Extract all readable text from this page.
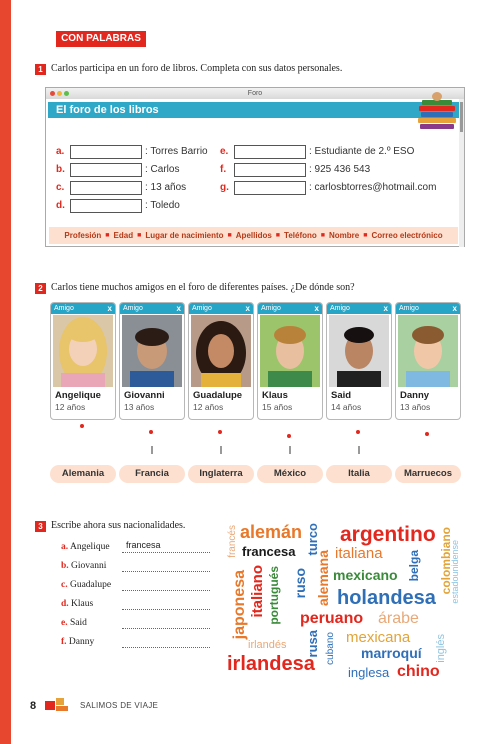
CON PALABRAS
1 Carlos participa en un foro de libros. Completa con sus datos personales.
Foro
El foro de los libros
a.	: Torres Barrio
b.	: Carlos
c.	: 13 años
d.	: Toledo
e.	: Estudiante de 2.º ESO
f.	: 925 436 543
g.	: carlosbtorres@hotmail.com
Profesión ■ Edad ■ Lugar de nacimiento ■ Apellidos ■ Teléfono ■ Nombre ■ Correo electrónico
2 Carlos tiene muchos amigos en el foro de diferentes países. ¿De dónde son?
Amigo	x
Angelique
12 años
Amigo	x
Giovanni
13 años
Amigo	x
Guadalupe
12 años
Amigo	x
Klaus
15 años
Amigo	x
Said
14 años
Amigo	x
Danny
13 años
Alemania	Francia	Inglaterra	México	Italia	Marruecos
3 Escribe ahora sus nacionalidades.
a. Angelique francesa
b. Giovanni
c. Guadalupe
d. Klaus
e. Said
f. Danny
francés alemán turco argentino colombiano
estadounidense
francesa	italiana
alemana	belga
japonesa italiano portugués ruso mexicano
holandesa
peruano árabe
rusa cubano mexicana inglés
irlandés	marroquí
irlandesa	inglesa chino
8	SALIMOS DE VIAJE
